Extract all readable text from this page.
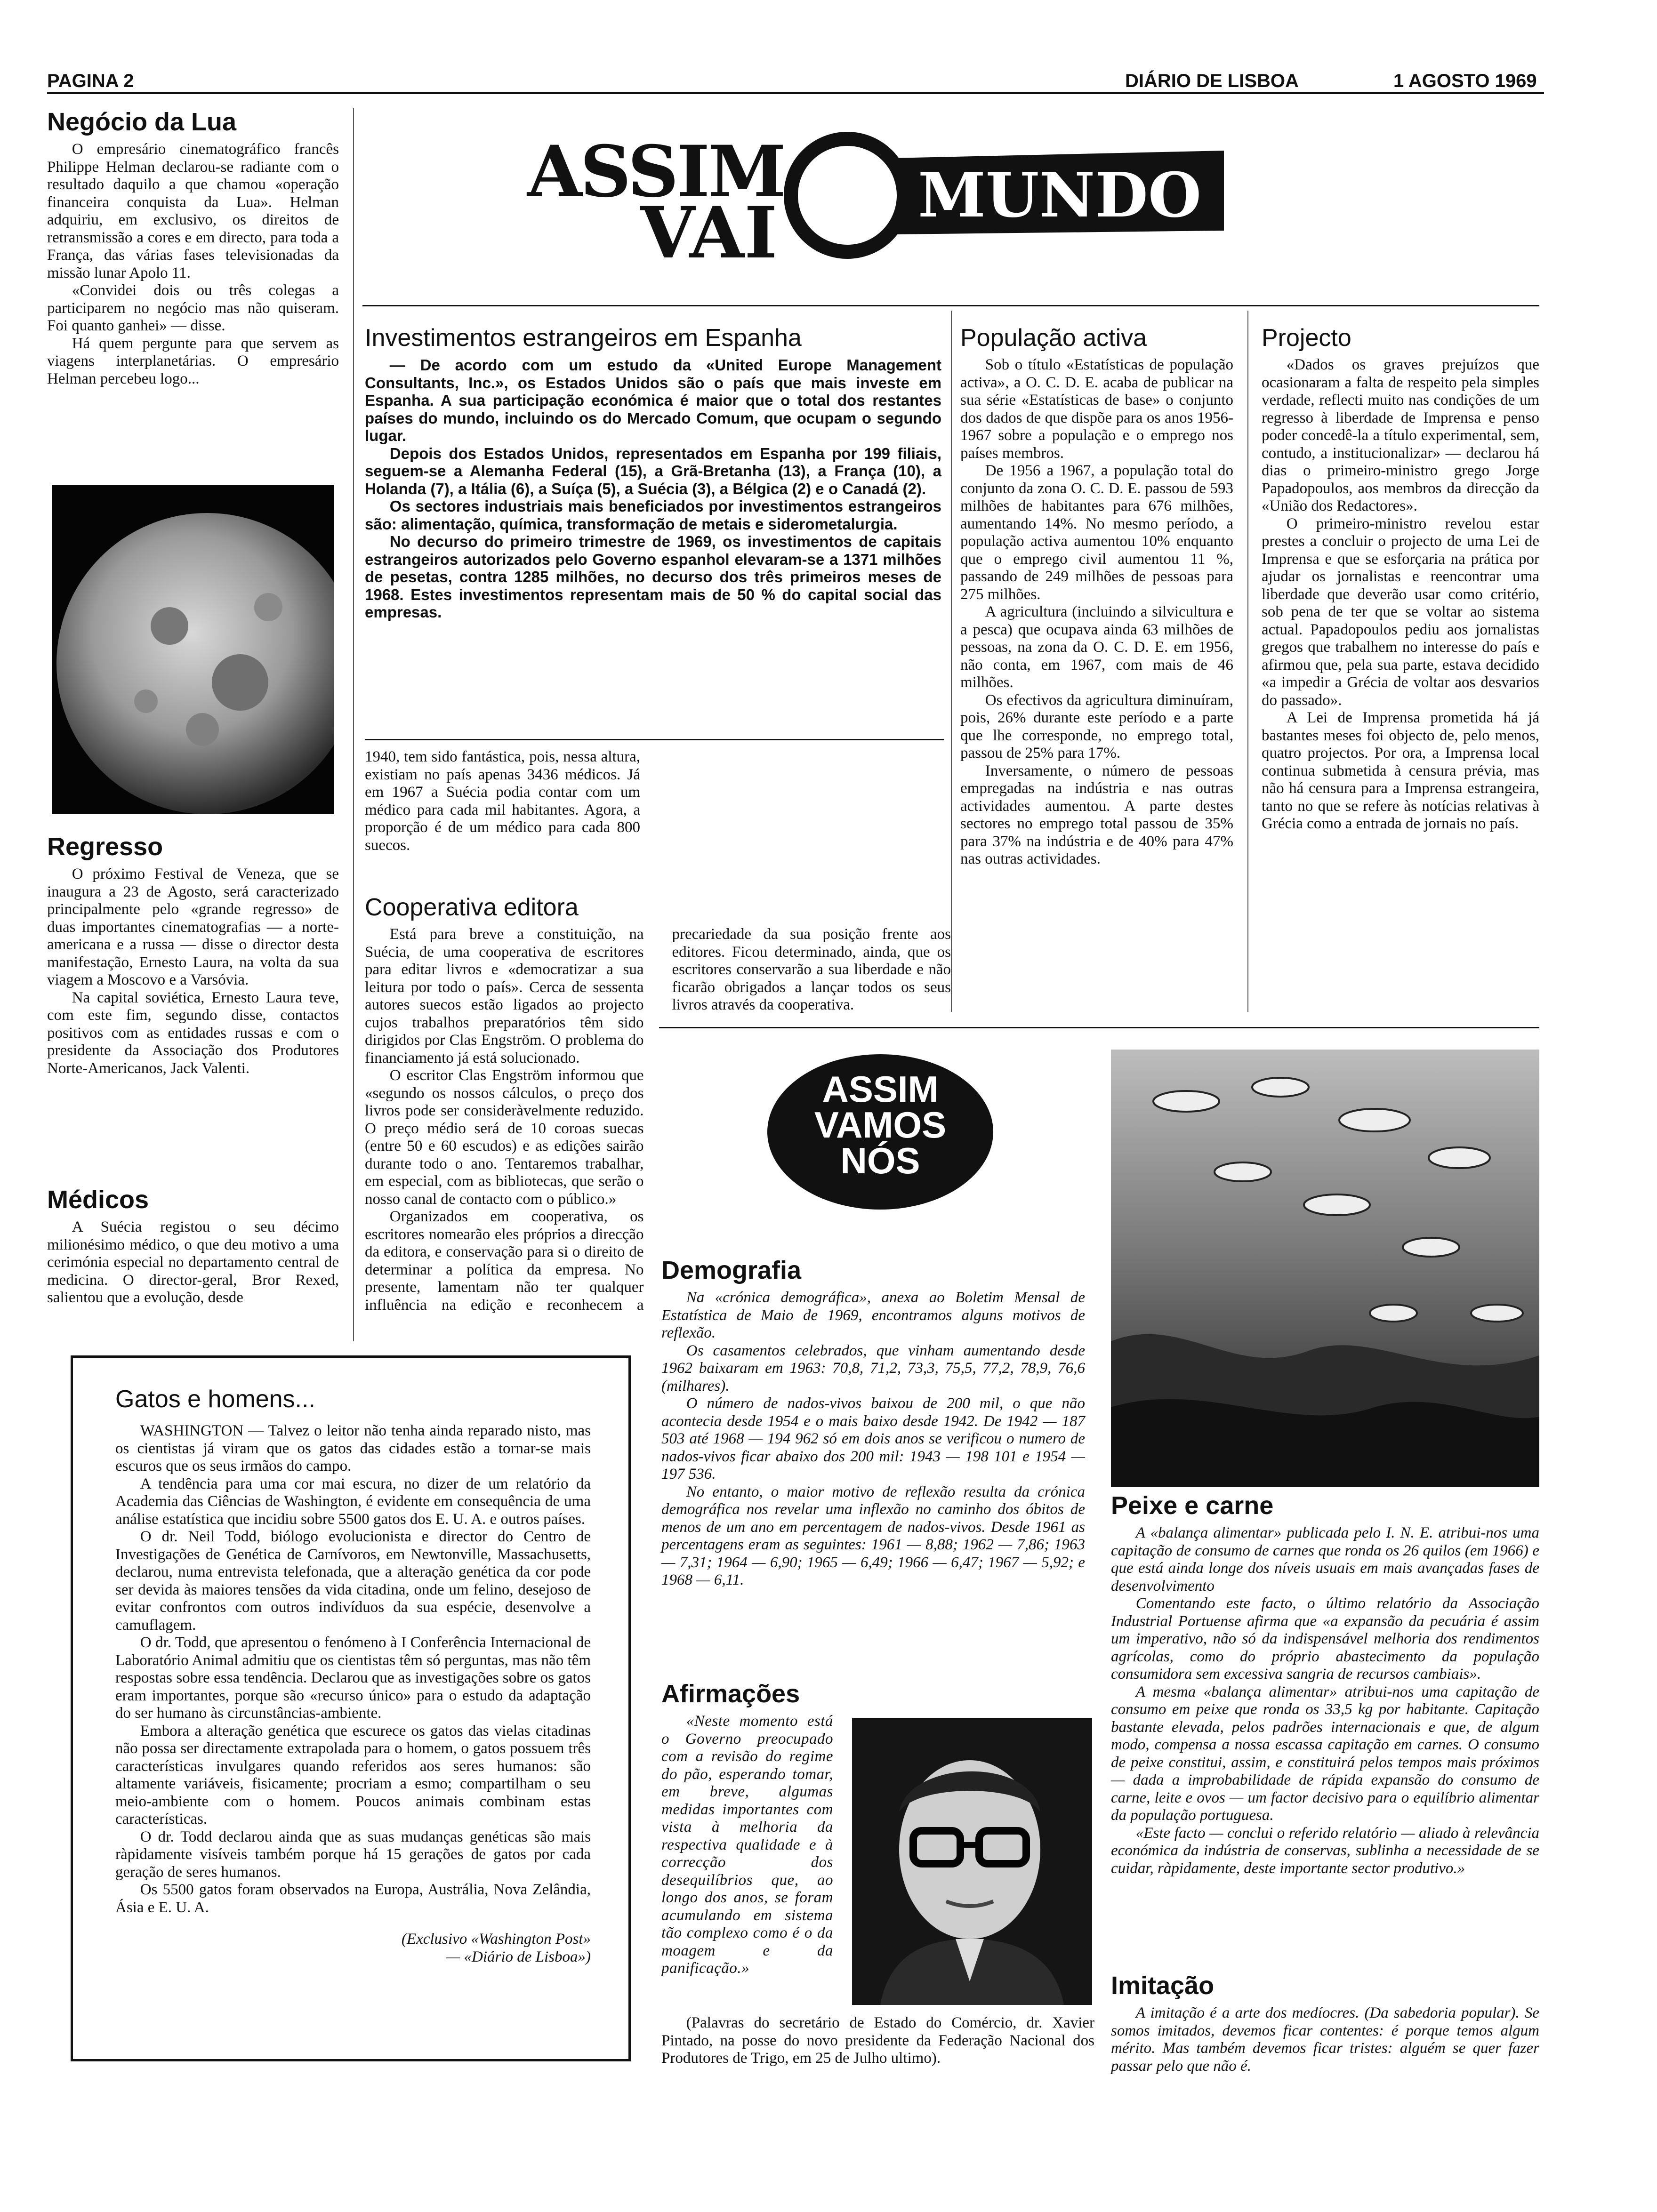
PAGINA 2	DIÁRIO DE LISBOA	1 AGOSTO 1969
ASSIM
VAI MUNDO
Negócio da Lua

O empresário cinematográfico francês Philippe Helman declarou-se radiante com o resultado daquilo a que chamou «operação financeira conquista da Lua». Helman adquiriu, em exclusivo, os direitos de retransmissão a cores e em directo, para toda a França, das várias fases televisionadas da missão lunar Apolo 11.

«Convidei dois ou três colegas a participarem no negócio mas não quiseram. Foi quanto ganhei» — disse.

Há quem pergunte para que servem as viagens interplanetárias. O empresário Helman percebeu logo...

Regresso

O próximo Festival de Veneza, que se inaugura a 23 de Agosto, será caracterizado principalmente pelo «grande regresso» de duas importantes cinematografias — a norte-americana e a russa — disse o director desta manifestação, Ernesto Laura, na volta da sua viagem a Moscovo e a Varsóvia.

Na capital soviética, Ernesto Laura teve, com este fim, segundo disse, contactos positivos com as entidades russas e com o presidente da Associação dos Produtores Norte-Americanos, Jack Valenti.

Médicos

A Suécia registou o seu décimo milionésimo médico, o que deu motivo a uma cerimónia especial no departamento central de medicina. O director-geral, Bror Rexed, salientou que a evolução, desde

Investimentos estrangeiros em Espanha

— De acordo com um estudo da «United Europe Management Consultants, Inc.», os Estados Unidos são o país que mais investe em Espanha. A sua participação económica é maior que o total dos restantes países do mundo, incluindo os do Mercado Comum, que ocupam o segundo lugar.

Depois dos Estados Unidos, representados em Espanha por 199 filiais, seguem-se a Alemanha Federal (15), a Grã-Bretanha (13), a França (10), a Holanda (7), a Itália (6), a Suíça (5), a Suécia (3), a Bélgica (2) e o Canadá (2).

Os sectores industriais mais beneficiados por investimentos estrangeiros são: alimentação, química, transformação de metais e siderometalurgia.

No decurso do primeiro trimestre de 1969, os investimentos de capitais estrangeiros autorizados pelo Governo espanhol elevaram-se a 1371 milhões de pesetas, contra 1285 milhões, no decurso dos três primeiros meses de 1968. Estes investimentos representam mais de 50 % do capital social das empresas.

1940, tem sido fantástica, pois, nessa altura, existiam no país apenas 3436 médicos. Já em 1967 a Suécia podia contar com um médico para cada mil habitantes. Agora, a proporção é de um médico para cada 800 suecos.

Cooperativa editora

Está para breve a constituição, na Suécia, de uma cooperativa de escritores para editar livros e «democratizar a sua leitura por todo o país». Cerca de sessenta autores suecos estão ligados ao projecto cujos trabalhos preparatórios têm sido dirigidos por Clas Engström. O problema do financiamento já está solucionado.

O escritor Clas Engström informou que «segundo os nossos cálculos, o preço dos livros pode ser consideràvelmente reduzido. O preço médio será de 10 coroas suecas (entre 50 e 60 escudos) e as edições sairão durante todo o ano. Tentaremos trabalhar, em especial, com as bibliotecas, que serão o nosso canal de contacto com o público.»

Organizados em cooperativa, os escritores nomearão eles próprios a direcção da editora, e conservação para si o direito de determinar a política da empresa. No presente, lamentam não ter qualquer influência na edição e reconhecem a precariedade da sua posição frente aos editores. Ficou determinado, ainda, que os escritores conservarão a sua liberdade e não ficarão obrigados a lançar todos os seus livros através da cooperativa.

População activa

Sob o título «Estatísticas de população activa», a O. C. D. E. acaba de publicar na sua série «Estatísticas de base» o conjunto dos dados de que dispõe para os anos 1956-1967 sobre a população e o emprego nos países membros.

De 1956 a 1967, a população total do conjunto da zona O. C. D. E. passou de 593 milhões de habitantes para 676 milhões, aumentando 14%. No mesmo período, a população activa aumentou 10% enquanto que o emprego civil aumentou 11 %, passando de 249 milhões de pessoas para 275 milhões.

A agricultura (incluindo a silvicultura e a pesca) que ocupava ainda 63 milhões de pessoas, na zona da O. C. D. E. em 1956, não conta, em 1967, com mais de 46 milhões.

Os efectivos da agricultura diminuíram, pois, 26% durante este período e a parte que lhe corresponde, no emprego total, passou de 25% para 17%.

Inversamente, o número de pessoas empregadas na indústria e nas outras actividades aumentou. A parte destes sectores no emprego total passou de 35% para 37% na indústria e de 40% para 47% nas outras actividades.

Projecto

«Dados os graves prejuízos que ocasionaram a falta de respeito pela simples verdade, reflecti muito nas condições de um regresso à liberdade de Imprensa e penso poder concedê-la a título experimental, sem, contudo, a institucionalizar» — declarou há dias o primeiro-ministro grego Jorge Papadopoulos, aos membros da direcção da «União dos Redactores».

O primeiro-ministro revelou estar prestes a concluir o projecto de uma Lei de Imprensa e que se esforçaria na prática por ajudar os jornalistas e reencontrar uma liberdade que deverão usar como critério, sob pena de ter que se voltar ao sistema actual. Papadopoulos pediu aos jornalistas gregos que trabalhem no interesse do país e afirmou que, pela sua parte, estava decidido «a impedir a Grécia de voltar aos desvarios do passado».

A Lei de Imprensa prometida há já bastantes meses foi objecto de, pelo menos, quatro projectos. Por ora, a Imprensa local continua submetida à censura prévia, mas não há censura para a Imprensa estrangeira, tanto no que se refere às notícias relativas à Grécia como a entrada de jornais no país.

ASSIM
VAMOS
NÓS
Demografia

Na «crónica demográfica», anexa ao Boletim Mensal de Estatística de Maio de 1969, encontramos alguns motivos de reflexão.

Os casamentos celebrados, que vinham aumentando desde 1962 baixaram em 1963: 70,8, 71,2, 73,3, 75,5, 77,2, 78,9, 76,6 (milhares).

O número de nados-vivos baixou de 200 mil, o que não acontecia desde 1954 e o mais baixo desde 1942. De 1942 — 187 503 até 1968 — 194 962 só em dois anos se verificou o numero de nados-vivos ficar abaixo dos 200 mil: 1943 — 198 101 e 1954 — 197 536.

No entanto, o maior motivo de reflexão resulta da crónica demográfica nos revelar uma inflexão no caminho dos óbitos de menos de um ano em percentagem de nados-vivos. Desde 1961 as percentagens eram as seguintes: 1961 — 8,88; 1962 — 7,86; 1963 — 7,31; 1964 — 6,90; 1965 — 6,49; 1966 — 6,47; 1967 — 5,92; e 1968 — 6,11.

Peixe e carne

A «balança alimentar» publicada pelo I. N. E. atribui-nos uma capitação de consumo de carnes que ronda os 26 quilos (em 1966) e que está ainda longe dos níveis usuais em mais avançadas fases de desenvolvimento

Comentando este facto, o último relatório da Associação Industrial Portuense afirma que «a expansão da pecuária é assim um imperativo, não só da indispensável melhoria dos rendimentos agrícolas, como do próprio abastecimento da população consumidora sem excessiva sangria de recursos cambiais».

A mesma «balança alimentar» atribui-nos uma capitação de consumo em peixe que ronda os 33,5 kg por habitante. Capitação bastante elevada, pelos padrões internacionais e que, de algum modo, compensa a nossa escassa capitação em carnes. O consumo de peixe constitui, assim, e constituirá pelos tempos mais próximos — dada a improbabilidade de rápida expansão do consumo de carne, leite e ovos — um factor decisivo para o equilíbrio alimentar da população portuguesa.

«Este facto — conclui o referido relatório — aliado à relevância económica da indústria de conservas, sublinha a necessidade de se cuidar, ràpidamente, deste importante sector produtivo.»

Imitação

A imitação é a arte dos medíocres. (Da sabedoria popular). Se somos imitados, devemos ficar contentes: é porque temos algum mérito. Mas também devemos ficar tristes: alguém se quer fazer passar pelo que não é.

Afirmações

«Neste momento está o Governo preocupado com a revisão do regime do pão, esperando tomar, em breve, algumas medidas importantes com vista à melhoria da respectiva qualidade e à correcção dos desequilíbrios que, ao longo dos anos, se foram acumulando em sistema tão complexo como é o da moagem e da panificação.»

(Palavras do secretário de Estado do Comércio, dr. Xavier Pintado, na posse do novo presidente da Federação Nacional dos Produtores de Trigo, em 25 de Julho ultimo).

Gatos e homens...

WASHINGTON — Talvez o leitor não tenha ainda reparado nisto, mas os cientistas já viram que os gatos das cidades estão a tornar-se mais escuros que os seus irmãos do campo.

A tendência para uma cor mai escura, no dizer de um relatório da Academia das Ciências de Washington, é evidente em consequência de uma análise estatística que incidiu sobre 5500 gatos dos E. U. A. e outros países.

O dr. Neil Todd, biólogo evolucionista e director do Centro de Investigações de Genética de Carnívoros, em Newtonville, Massachusetts, declarou, numa entrevista telefonada, que a alteração genética da cor pode ser devida às maiores tensões da vida citadina, onde um felino, desejoso de evitar confrontos com outros indivíduos da sua espécie, desenvolve a camuflagem.

O dr. Todd, que apresentou o fenómeno à I Conferência Internacional de Laboratório Animal admitiu que os cientistas têm só perguntas, mas não têm respostas sobre essa tendência. Declarou que as investigações sobre os gatos eram importantes, porque são «recurso único» para o estudo da adaptação do ser humano às circunstâncias-ambiente.

Embora a alteração genética que escurece os gatos das vielas citadinas não possa ser directamente extrapolada para o homem, o gatos possuem três características invulgares quando referidos aos seres humanos: são altamente variáveis, fisicamente; procriam a esmo; compartilham o seu meio-ambiente com o homem. Poucos animais combinam estas características.

O dr. Todd declarou ainda que as suas mudanças genéticas são mais ràpidamente visíveis também porque há 15 gerações de gatos por cada geração de seres humanos.

Os 5500 gatos foram observados na Europa, Austrália, Nova Zelândia, Ásia e E. U. A.

(Exclusivo «Washington Post»
— «Diário de Lisboa»)
